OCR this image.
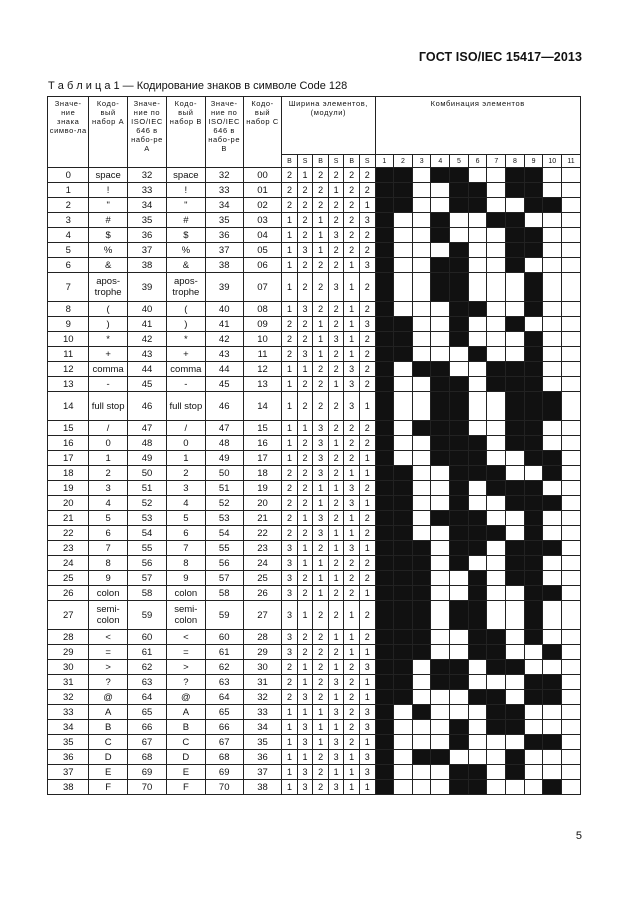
ГОСТ ISO/IEC 15417—2013
Т а б л и ц а 1 — Кодирование знаков в символе Code 128
Значе-ние знака симво-ла	Кодо-вый набор A	Значе-ние по ISO/IEC 646 в набо-ре A	Кодо-вый набор B	Значе-ние по ISO/IEC 646 в набо-ре B	Кодо-вый набор C	Ширина элементов, (модули)						Комбинация элементов										
						B	S	B	S	B	S	1	2	3	4	5	6	7	8	9	10	11
0	space	32	space	32	00	2	1	2	2	2	2											
1	!	33	!	33	01	2	2	2	1	2	2											
2	"	34	"	34	02	2	2	2	2	2	1											
3	#	35	#	35	03	1	2	1	2	2	3											
4	$	36	$	36	04	1	2	1	3	2	2											
5	%	37	%	37	05	1	3	1	2	2	2											
6	&	38	&	38	06	1	2	2	2	1	3											
7	apos-trophe	39	apos-trophe	39	07	1	2	2	3	1	2											
8	(	40	(	40	08	1	3	2	2	1	2											
9	)	41	)	41	09	2	2	1	2	1	3											
10	*	42	*	42	10	2	2	1	3	1	2											
11	+	43	+	43	11	2	3	1	2	1	2											
12	comma	44	comma	44	12	1	1	2	2	3	2											
13	-	45	-	45	13	1	2	2	1	3	2											
14	full stop	46	full stop	46	14	1	2	2	2	3	1											
15	/	47	/	47	15	1	1	3	2	2	2											
16	0	48	0	48	16	1	2	3	1	2	2											
17	1	49	1	49	17	1	2	3	2	2	1											
18	2	50	2	50	18	2	2	3	2	1	1											
19	3	51	3	51	19	2	2	1	1	3	2											
20	4	52	4	52	20	2	2	1	2	3	1											
21	5	53	5	53	21	2	1	3	2	1	2											
22	6	54	6	54	22	2	2	3	1	1	2											
23	7	55	7	55	23	3	1	2	1	3	1											
24	8	56	8	56	24	3	1	1	2	2	2											
25	9	57	9	57	25	3	2	1	1	2	2											
26	colon	58	colon	58	26	3	2	1	2	2	1											
27	semi-colon	59	semi-colon	59	27	3	1	2	2	1	2											
28	<	60	<	60	28	3	2	2	1	1	2											
29	=	61	=	61	29	3	2	2	2	1	1											
30	>	62	>	62	30	2	1	2	1	2	3											
31	?	63	?	63	31	2	1	2	3	2	1											
32	@	64	@	64	32	2	3	2	1	2	1											
33	A	65	A	65	33	1	1	1	3	2	3											
34	B	66	B	66	34	1	3	1	1	2	3											
35	C	67	C	67	35	1	3	1	3	2	1											
36	D	68	D	68	36	1	1	2	3	1	3											
37	E	69	E	69	37	1	3	2	1	1	3											
38	F	70	F	70	38	1	3	2	3	1	1											
5
